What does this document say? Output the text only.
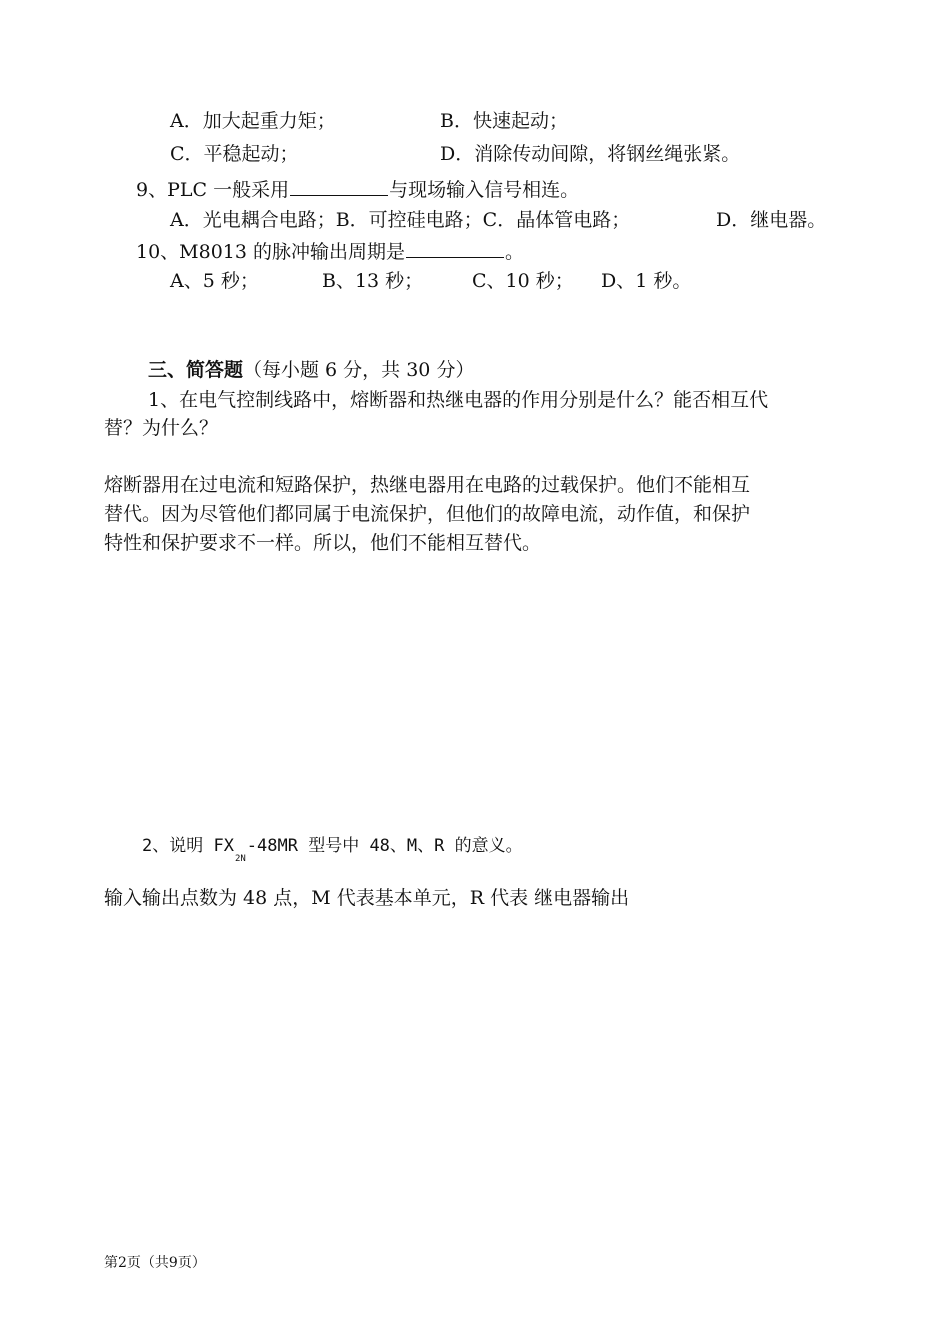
A．加大起重力矩；	B．快速起动；
C．平稳起动；	D．消除传动间隙，将钢丝绳张紧。
9、PLC 一般采用	与现场输入信号相连。
A．光电耦合电路；B．可控硅电路；C．晶体管电路；	D．继电器。
10、M8013 的脉冲输出周期是	。
A、5 秒；	B、13 秒；	C、10 秒； D、1 秒。
三、简答题（每小题 6 分，共 30 分）
1、在电气控制线路中，熔断器和热继电器的作用分别是什么？能否相互代
替？为什么？
熔断器用在过电流和短路保护，热继电器用在电路的过载保护。他们不能相互
替代。因为尽管他们都同属于电流保护，但他们的故障电流，动作值，和保护
特性和保护要求不一样。所以，他们不能相互替代。
2、说明 $FX_{2N}-48MR$ 型号中 48、M、R 的意义。
输入输出点数为 48 点，M 代表基本单元，R 代表 继电器输出
第2页（共9页）
